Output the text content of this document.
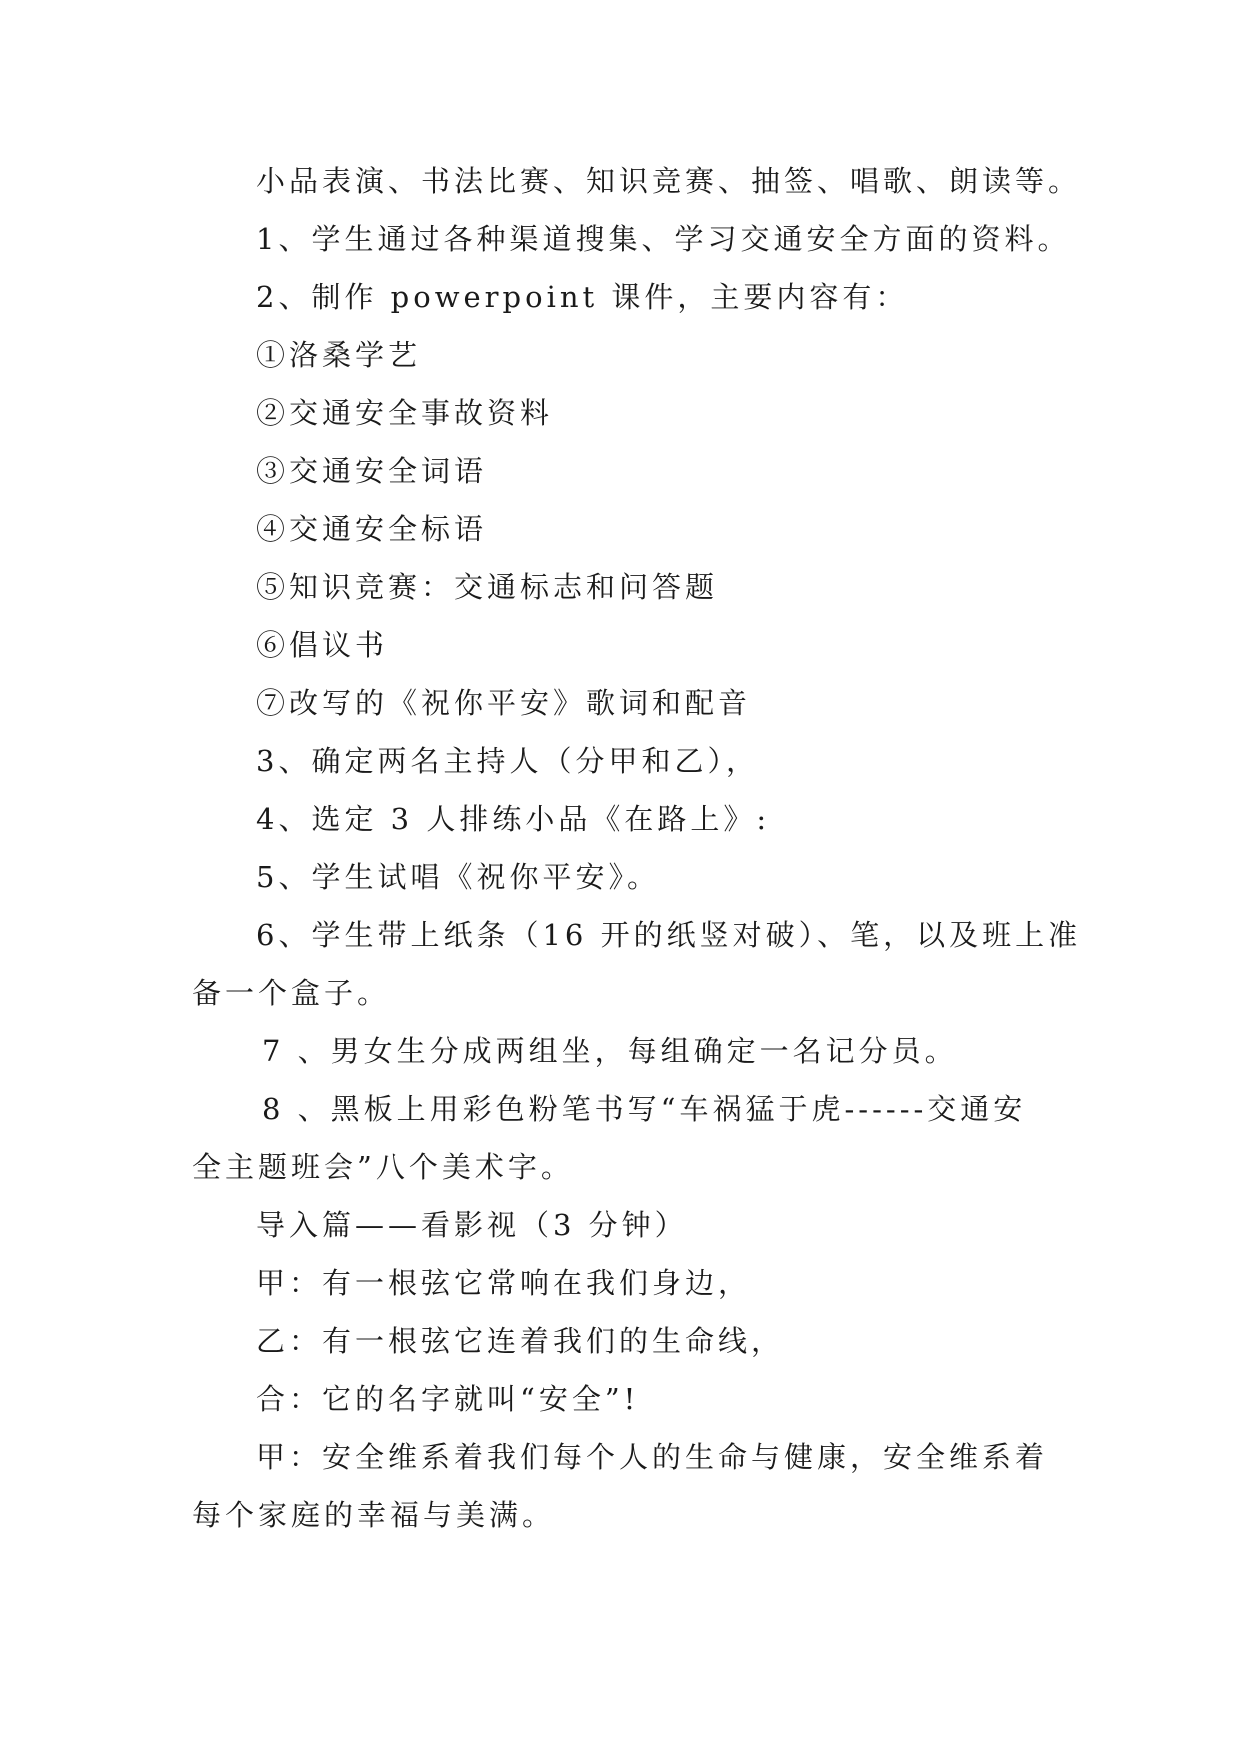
小品表演、书法比赛、知识竞赛、抽签、唱歌、朗读等。
1、学生通过各种渠道搜集、学习交通安全方面的资料。
2、制作 powerpoint 课件，主要内容有：
①洛桑学艺
②交通安全事故资料
③交通安全词语
④交通安全标语
⑤知识竞赛：交通标志和问答题
⑥倡议书
⑦改写的《祝你平安》歌词和配音
3、确定两名主持人（分甲和乙），
4、选定 3 人排练小品《在路上》:
5、学生试唱《祝你平安》。
6、学生带上纸条（16 开的纸竖对破）、笔，以及班上准
备一个盒子。
7 、男女生分成两组坐，每组确定一名记分员。
8 、黑板上用彩色粉笔书写“车祸猛于虎------交通安
全主题班会”八个美术字。
导入篇——看影视（3 分钟）
甲：有一根弦它常响在我们身边，
乙：有一根弦它连着我们的生命线，
合：它的名字就叫“安全”!
甲：安全维系着我们每个人的生命与健康，安全维系着
每个家庭的幸福与美满。
